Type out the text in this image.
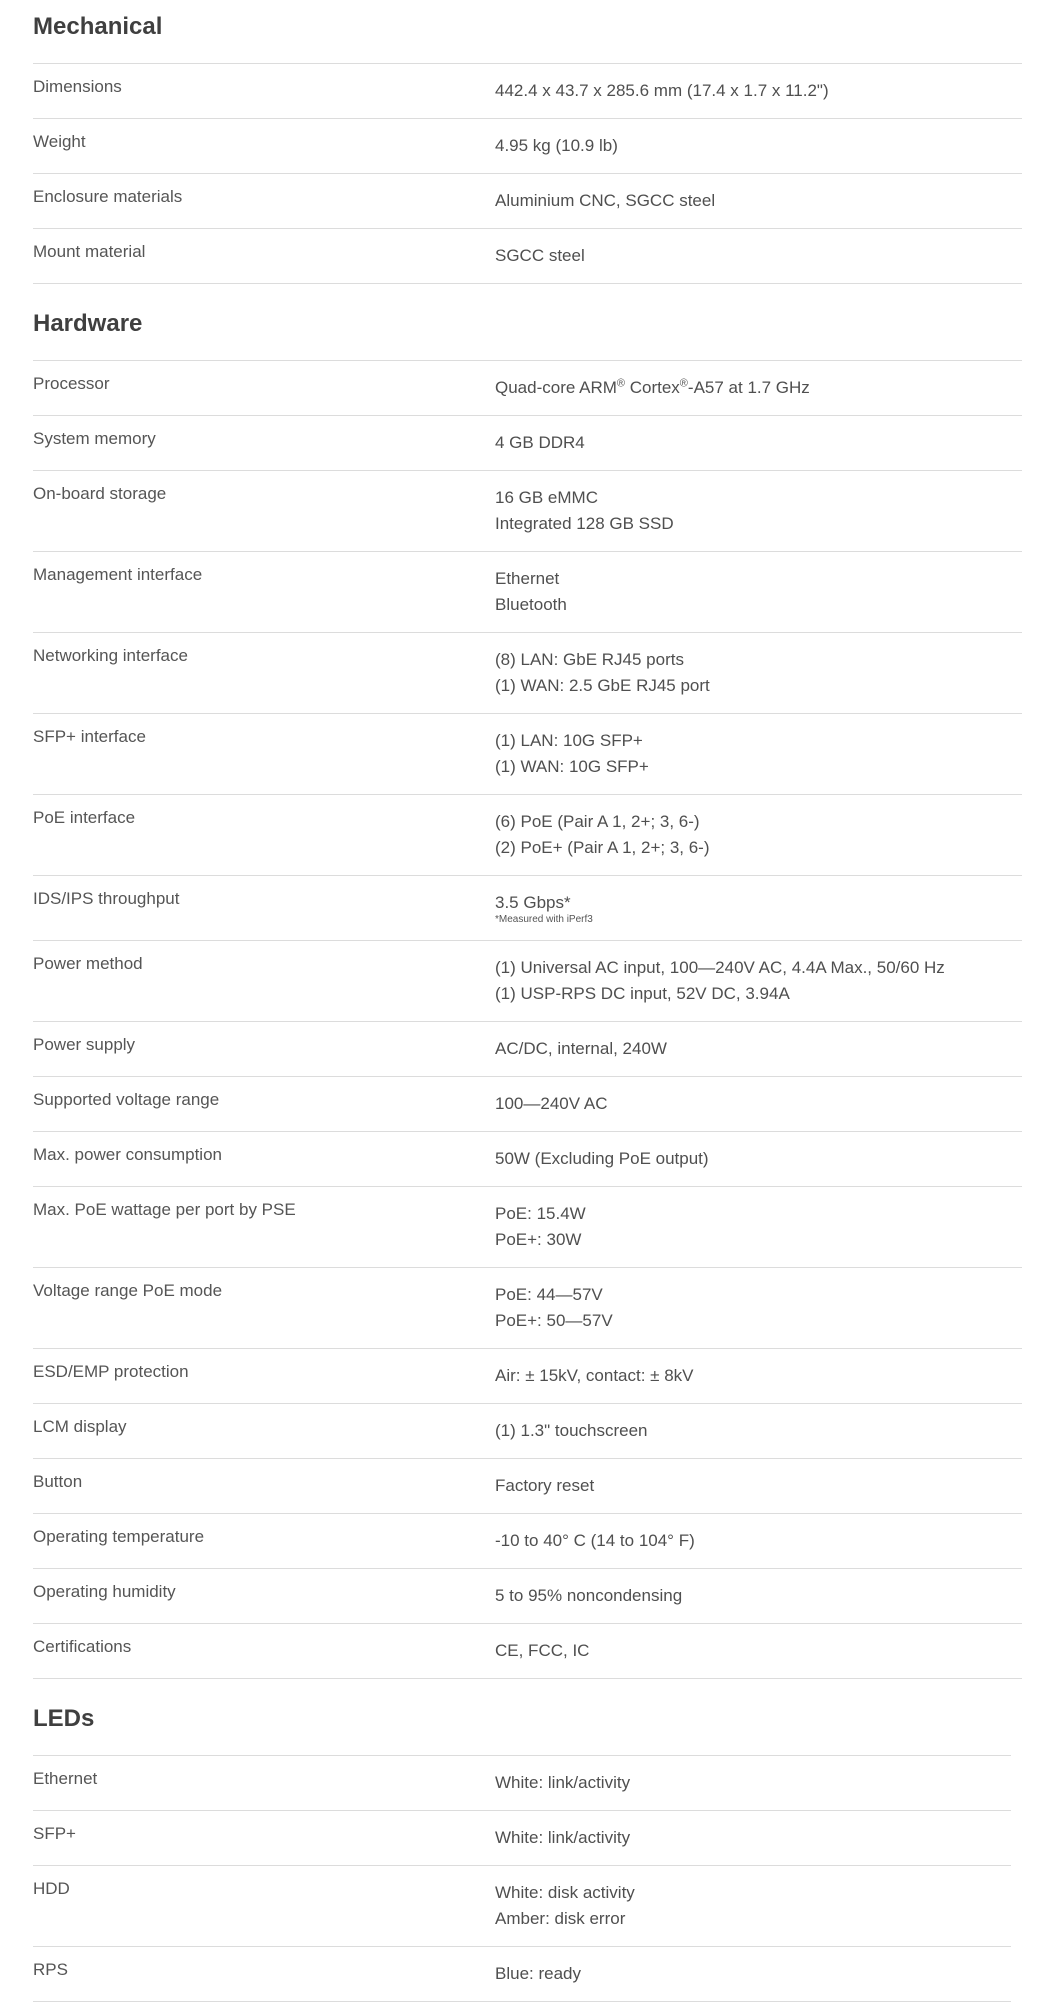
Mechanical
Dimensions	442.4 x 43.7 x 285.6 mm (17.4 x 1.7 x 11.2")
Weight	4.95 kg (10.9 lb)
Enclosure materials	Aluminium CNC, SGCC steel
Mount material	SGCC steel
Hardware
Processor	Quad-core ARM® Cortex®-A57 at 1.7 GHz
System memory	4 GB DDR4
On-board storage	16 GB eMMC
Integrated 128 GB SSD
Management interface	Ethernet
Bluetooth
Networking interface	(8) LAN: GbE RJ45 ports
(1) WAN: 2.5 GbE RJ45 port
SFP+ interface	(1) LAN: 10G SFP+
(1) WAN: 10G SFP+
PoE interface	(6) PoE (Pair A 1, 2+; 3, 6-)
(2) PoE+ (Pair A 1, 2+; 3, 6-)
IDS/IPS throughput	3.5 Gbps*
*Measured with iPerf3
Power method	(1) Universal AC input, 100—240V AC, 4.4A Max., 50/60 Hz
(1) USP-RPS DC input, 52V DC, 3.94A
Power supply	AC/DC, internal, 240W
Supported voltage range	100—240V AC
Max. power consumption	50W (Excluding PoE output)
Max. PoE wattage per port by PSE	PoE: 15.4W
PoE+: 30W
Voltage range PoE mode	PoE: 44—57V
PoE+: 50—57V
ESD/EMP protection	Air: ± 15kV, contact: ± 8kV
LCM display	(1) 1.3" touchscreen
Button	Factory reset
Operating temperature	-10 to 40° C (14 to 104° F)
Operating humidity	5 to 95% noncondensing
Certifications	CE, FCC, IC
LEDs
Ethernet	White: link/activity
SFP+	White: link/activity
HDD	White: disk activity
Amber: disk error
RPS	Blue: ready
